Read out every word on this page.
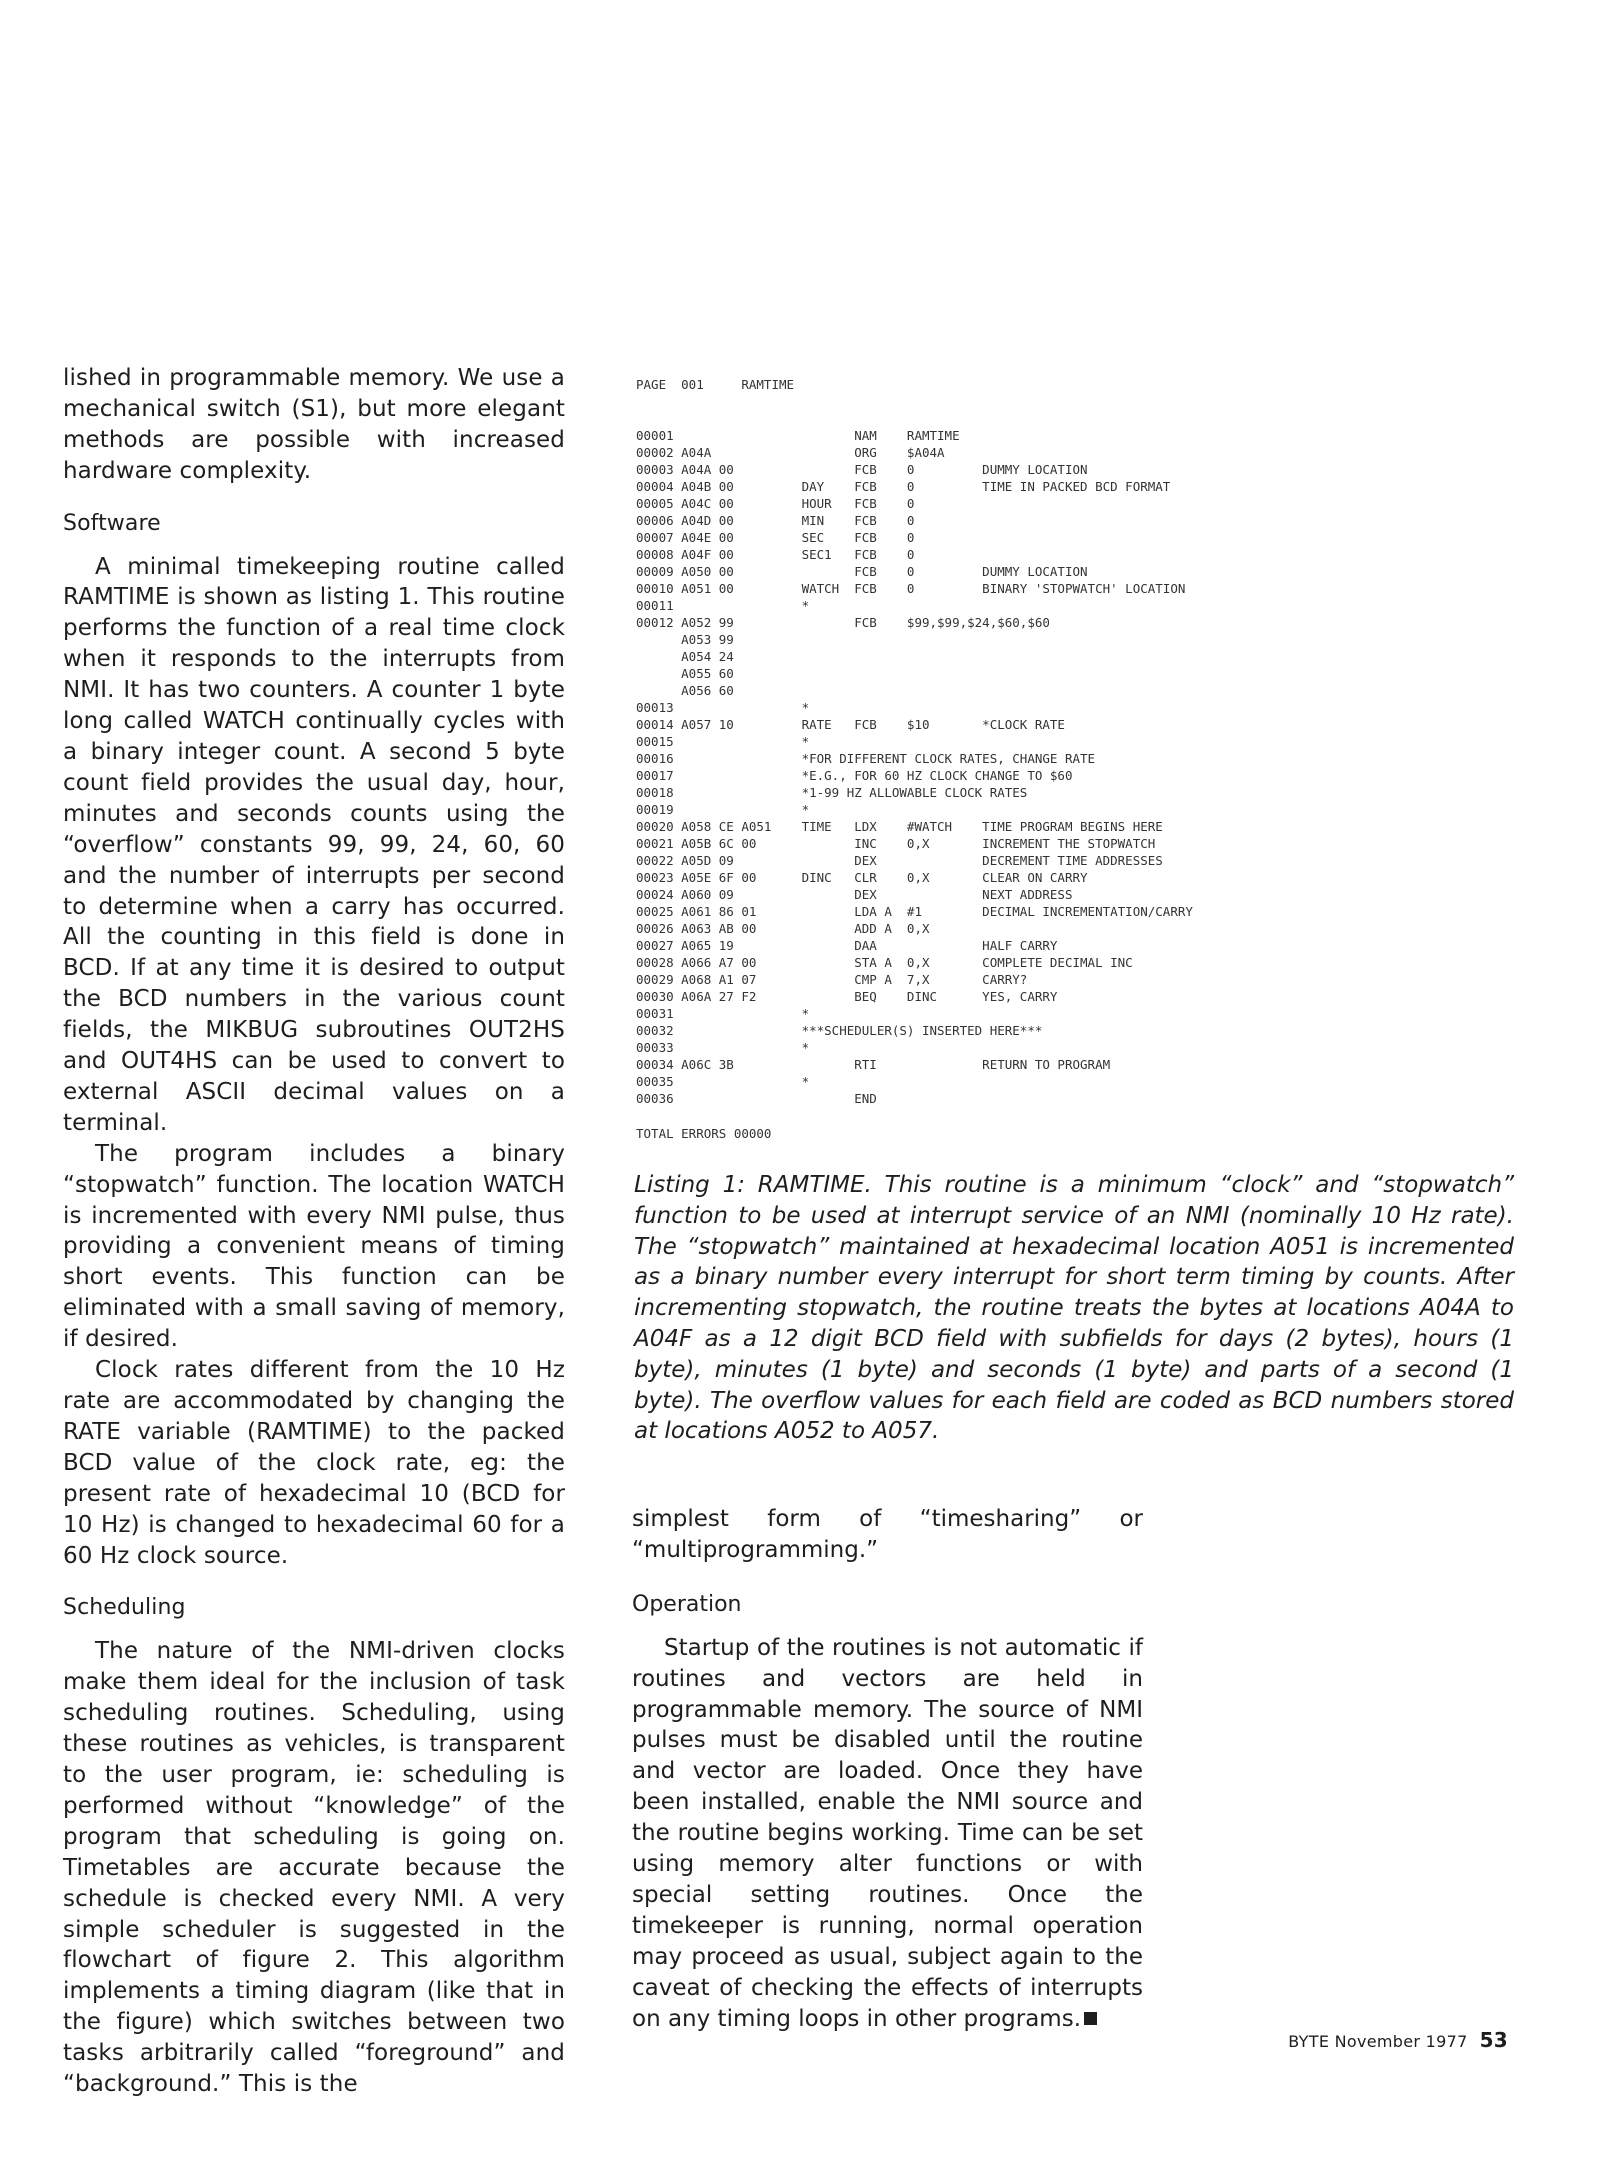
lished in programmable memory. We use a mechanical switch (S1), but more elegant methods are possible with increased hardware complexity.

Software

A minimal timekeeping routine called RAMTIME is shown as listing 1. This routine performs the function of a real time clock when it responds to the interrupts from NMI. It has two counters. A counter 1 byte long called WATCH continually cycles with a binary integer count. A second 5 byte count field provides the usual day, hour, minutes and seconds counts using the “overflow” constants 99, 99, 24, 60, 60 and the number of interrupts per second to determine when a carry has occurred. All the counting in this field is done in BCD. If at any time it is desired to output the BCD numbers in the various count fields, the MIKBUG subroutines OUT2HS and OUT4HS can be used to convert to external ASCII decimal values on a terminal.

The program includes a binary “stopwatch” function. The location WATCH is incremented with every NMI pulse, thus providing a convenient means of timing short events. This function can be eliminated with a small saving of memory, if desired.

Clock rates different from the 10 Hz rate are accommodated by changing the RATE variable (RAMTIME) to the packed BCD value of the clock rate, eg: the present rate of hexadecimal 10 (BCD for 10 Hz) is changed to hexadecimal 60 for a 60 Hz clock source.

Scheduling

The nature of the NMI-driven clocks make them ideal for the inclusion of task scheduling routines. Scheduling, using these routines as vehicles, is transparent to the user program, ie: scheduling is performed without “knowledge” of the program that scheduling is going on. Timetables are accurate because the schedule is checked every NMI. A very simple scheduler is suggested in the flowchart of figure 2. This algorithm implements a timing diagram (like that in the figure) which switches between two tasks arbitrarily called “foreground” and “background.” This is the

PAGE  001     RAMTIME
00001                        NAM    RAMTIME
00002 A04A                   ORG    $A04A
00003 A04A 00                FCB    0         DUMMY LOCATION
00004 A04B 00         DAY    FCB    0         TIME IN PACKED BCD FORMAT
00005 A04C 00         HOUR   FCB    0
00006 A04D 00         MIN    FCB    0
00007 A04E 00         SEC    FCB    0
00008 A04F 00         SEC1   FCB    0
00009 A050 00                FCB    0         DUMMY LOCATION
00010 A051 00         WATCH  FCB    0         BINARY 'STOPWATCH' LOCATION
00011                 *
00012 A052 99                FCB    $99,$99,$24,$60,$60
A053 99
A054 24
A055 60
A056 60
00013                 *
00014 A057 10         RATE   FCB    $10       *CLOCK RATE
00015                 *
00016                 *FOR DIFFERENT CLOCK RATES, CHANGE RATE
00017                 *E.G., FOR 60 HZ CLOCK CHANGE TO $60
00018                 *1-99 HZ ALLOWABLE CLOCK RATES
00019                 *
00020 A058 CE A051    TIME   LDX    #WATCH    TIME PROGRAM BEGINS HERE
00021 A05B 6C 00             INC    0,X       INCREMENT THE STOPWATCH
00022 A05D 09                DEX              DECREMENT TIME ADDRESSES
00023 A05E 6F 00      DINC   CLR    0,X       CLEAR ON CARRY
00024 A060 09                DEX              NEXT ADDRESS
00025 A061 86 01             LDA A  #1        DECIMAL INCREMENTATION/CARRY
00026 A063 AB 00             ADD A  0,X
00027 A065 19                DAA              HALF CARRY
00028 A066 A7 00             STA A  0,X       COMPLETE DECIMAL INC
00029 A068 A1 07             CMP A  7,X       CARRY?
00030 A06A 27 F2             BEQ    DINC      YES, CARRY
00031                 *
00032                 ***SCHEDULER(S) INSERTED HERE***
00033                 *
00034 A06C 3B                RTI              RETURN TO PROGRAM
00035                 *
00036                        END
TOTAL ERRORS 00000
Listing 1: RAMTIME. This routine is a minimum “clock” and “stopwatch” function to be used at interrupt service of an NMI (nominally 10 Hz rate). The “stopwatch” maintained at hexadecimal location A051 is incremented as a binary number every interrupt for short term timing by counts. After incrementing stopwatch, the routine treats the bytes at locations A04A to A04F as a 12 digit BCD field with subfields for days (2 bytes), hours (1 byte), minutes (1 byte) and seconds (1 byte) and parts of a second (1 byte). The overflow values for each field are coded as BCD numbers stored at locations A052 to A057.

simplest form of “timesharing” or “multiprogramming.”

Operation

Startup of the routines is not automatic if routines and vectors are held in programmable memory. The source of NMI pulses must be disabled until the routine and vector are loaded. Once they have been installed, enable the NMI source and the routine begins working. Time can be set using memory alter functions or with special setting routines. Once the timekeeper is running, normal operation may proceed as usual, subject again to the caveat of checking the effects of interrupts on any timing loops in other programs.

BYTE November 1977 53
